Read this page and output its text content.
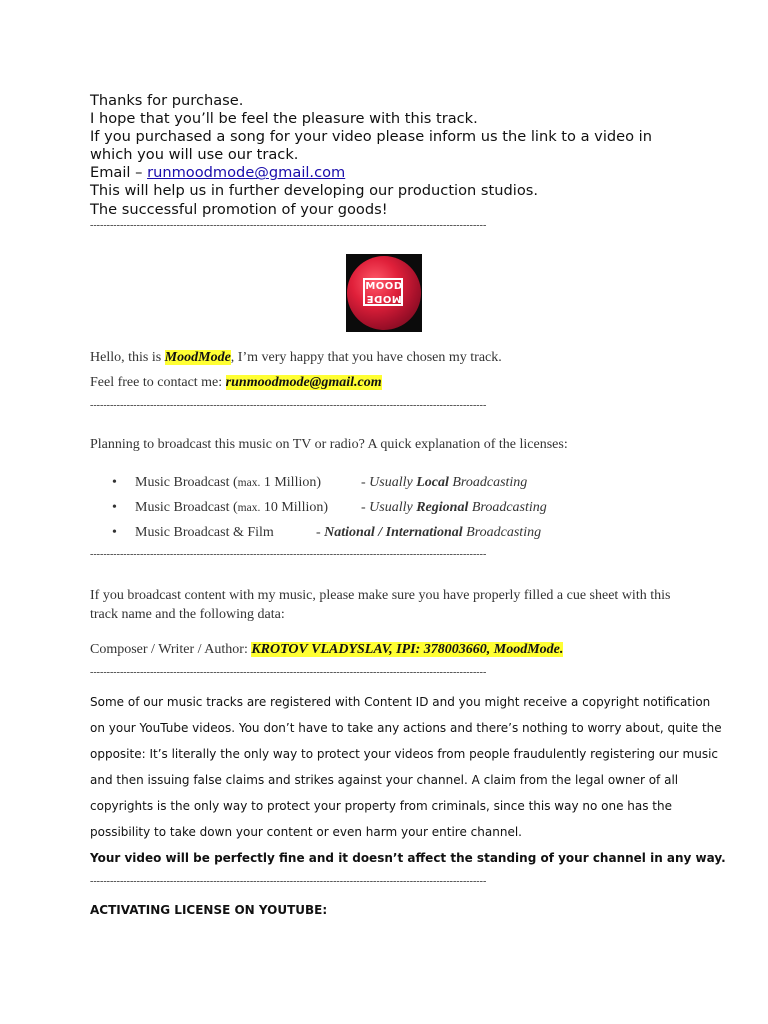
Thanks for purchase.
I hope that you’ll be feel the pleasure with this track.
If you purchased a song for your video please inform us the link to a video in
which you will use our track.
Email – runmoodmode@gmail.com
This will help us in further developing our production studios.
The successful promotion of your goods!
-----------------------------------------------------------------------------------------------------------------------
MOOD
MODE
Hello, this is MoodMode, I’m very happy that you have chosen my track.
Feel free to contact me: runmoodmode@gmail.com
-----------------------------------------------------------------------------------------------------------------------
Planning to broadcast this music on TV or radio? A quick explanation of the licenses:
• Music Broadcast (max. 1 Million)	- Usually Local Broadcasting
• Music Broadcast (max. 10 Million) - Usually Regional Broadcasting
• Music Broadcast & Film	- National / International Broadcasting
-----------------------------------------------------------------------------------------------------------------------
If you broadcast content with my music, please make sure you have properly filled a cue sheet with this
track name and the following data:
Composer / Writer / Author: KROTOV VLADYSLAV, IPI: 378003660, MoodMode.
-----------------------------------------------------------------------------------------------------------------------
Some of our music tracks are registered with Content ID and you might receive a copyright notification
on your YouTube videos. You don’t have to take any actions and there’s nothing to worry about, quite the
opposite: It’s literally the only way to protect your videos from people fraudulently registering our music
and then issuing false claims and strikes against your channel. A claim from the legal owner of all
copyrights is the only way to protect your property from criminals, since this way no one has the
possibility to take down your content or even harm your entire channel.
Your video will be perfectly fine and it doesn’t affect the standing of your channel in any way.
-----------------------------------------------------------------------------------------------------------------------
ACTIVATING LICENSE ON YOUTUBE:
